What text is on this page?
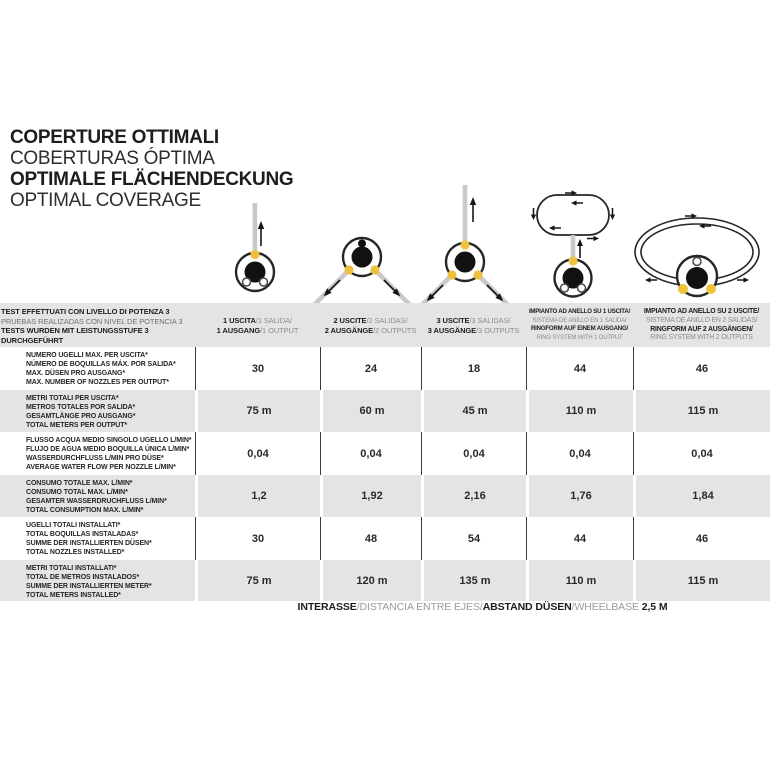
COPERTURE OTTIMALI
COBERTURAS ÓPTIMA
OPTIMALE FLÄCHENDECKUNG
OPTIMAL COVERAGE
TEST EFFETTUATI CON LIVELLO DI POTENZA 3
PRUEBAS REALIZADAS CON NIVEL DE POTENCIA 3
TESTS WURDEN MIT LEISTUNGSSTUFE 3 DURCHGEFÜHRT
1 USCITA/1 SALIDA/
1 AUSGANG/1 OUTPUT
2 USCITE/2 SALIDAS/
2 AUSGÄNGE/2 OUTPUTS
3 USCITE/3 SALIDAS/
3 AUSGÄNGE/3 OUTPUTS
IMPIANTO AD ANELLO SU 1 USCITA/
SISTEMA DE ANILLO EN 1 SALIDA/
RINGFORM AUF EINEM AUSGANG/
RING SYSTEM WITH 1 OUTPUT
IMPIANTO AD ANELLO SU 2 USCITE/
SISTEMA DE ANILLO EN 2 SALIDAS/
RINGFORM AUF 2 AUSGÄNGEN/
RING SYSTEM WITH 2 OUTPUTS
NUMERO UGELLI MAX. PER USCITA*
NÚMERO DE BOQUILLAS MÁX. POR SALIDA*
MAX. DÜSEN PRO AUSGANG*
MAX. NUMBER OF NOZZLES PER OUTPUT*
30	24	18	44	46
METRI TOTALI PER USCITA*
METROS TOTALES POR SALIDA*
GESAMTLÄNGE PRO AUSGANG*
TOTAL METERS PER OUTPUT*
75 m	60 m	45 m	110 m	115 m
FLUSSO ACQUA MEDIO SINGOLO UGELLO L/MIN*
FLUJO DE AGUA MEDIO BOQUILLA ÚNICA L/MIN*
WASSERDURCHFLUSS L/MIN PRO DÜSE*
AVERAGE WATER FLOW PER NOZZLE L/MIN*
0,04	0,04	0,04	0,04	0,04
CONSUMO TOTALE MAX. L/MIN*
CONSUMO TOTAL MAX. L/MIN*
GESAMTER WASSERDRUCHFLUSS L/MIN*
TOTAL CONSUMPTION MAX. L/MIN*
1,2	1,92	2,16	1,76	1,84
UGELLI TOTALI INSTALLATI*
TOTAL BOQUILLAS INSTALADAS*
SUMME DER INSTALLIERTEN DÜSEN*
TOTAL NOZZLES INSTALLED*
30	48	54	44	46
METRI TOTALI INSTALLATI*
TOTAL DE METROS INSTALADOS*
SUMME DER INSTALLIERTEN METER*
TOTAL METERS INSTALLED*
75 m	120 m	135 m	110 m	115 m
INTERASSE/DISTANCIA ENTRE EJES/ABSTAND DÜSEN/WHEELBASE 2,5 M
